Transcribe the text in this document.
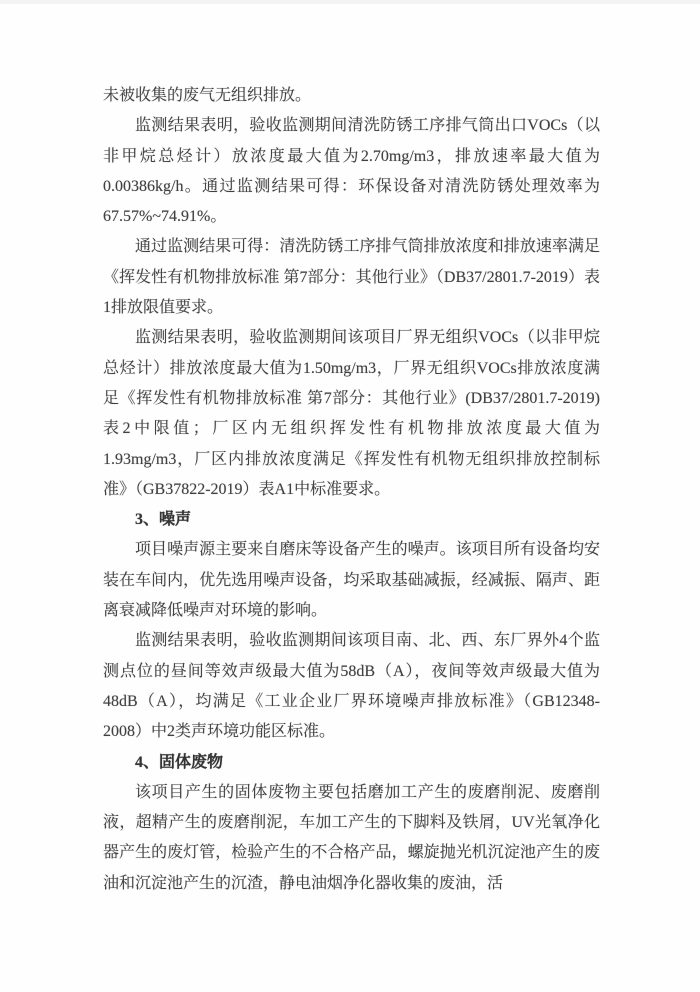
未被收集的废气无组织排放。

监测结果表明，验收监测期间清洗防锈工序排气筒出口VOCs（以非甲烷总烃计）放浓度最大值为2.70mg/m3，排放速率最大值为0.00386kg/h。通过监测结果可得：环保设备对清洗防锈处理效率为67.57%~74.91%。

通过监测结果可得：清洗防锈工序排气筒排放浓度和排放速率满足《挥发性有机物排放标准 第7部分：其他行业》（DB37/2801.7-2019）表1排放限值要求。

监测结果表明，验收监测期间该项目厂界无组织VOCs（以非甲烷总烃计）排放浓度最大值为1.50mg/m3，厂界无组织VOCs排放浓度满足《挥发性有机物排放标准 第7部分：其他行业》(DB37/2801.7-2019)表2中限值；厂区内无组织挥发性有机物排放浓度最大值为1.93mg/m3，厂区内排放浓度满足《挥发性有机物无组织排放控制标准》（GB37822-2019）表A1中标准要求。

3、噪声

项目噪声源主要来自磨床等设备产生的噪声。该项目所有设备均安装在车间内，优先选用噪声设备，均采取基础减振，经减振、隔声、距离衰减降低噪声对环境的影响。

监测结果表明，验收监测期间该项目南、北、西、东厂界外4个监测点位的昼间等效声级最大值为58dB（A），夜间等效声级最大值为48dB（A），均满足《工业企业厂界环境噪声排放标准》（GB12348-2008）中2类声环境功能区标准。

4、固体废物

该项目产生的固体废物主要包括磨加工产生的废磨削泥、废磨削液，超精产生的废磨削泥，车加工产生的下脚料及铁屑，UV光氧净化器产生的废灯管，检验产生的不合格产品，螺旋抛光机沉淀池产生的废油和沉淀池产生的沉渣，静电油烟净化器收集的废油，活
